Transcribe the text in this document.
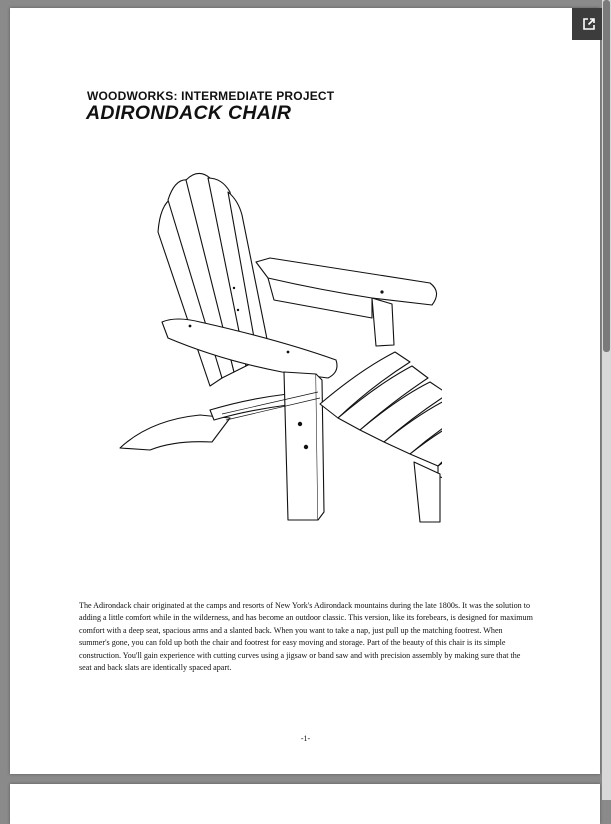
WOODWORKS: INTERMEDIATE PROJECT
ADIRONDACK CHAIR
The Adirondack chair originated at the camps and resorts of New York's Adirondack mountains during the late 1800s. It was the solution to adding a little comfort while in the wilderness, and has become an outdoor classic. This version, like its forebears, is designed for maximum comfort with a deep seat, spacious arms and a slanted back. When you want to take a nap, just pull up the matching footrest. When summer's gone, you can fold up both the chair and footrest for easy moving and storage. Part of the beauty of this chair is its simple construction. You'll gain experience with cutting curves using a jigsaw or band saw and with precision assembly by making sure that the seat and back slats are identically spaced apart.
-1-
